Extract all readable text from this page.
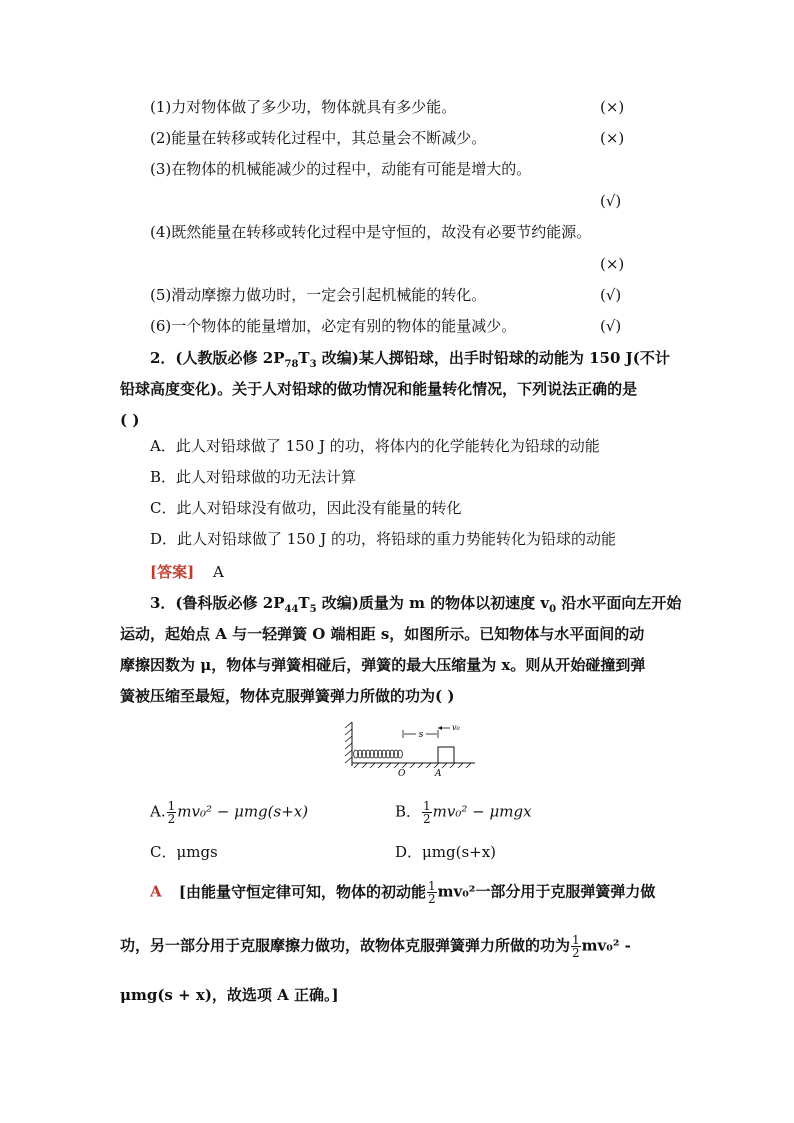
(1)力对物体做了多少功，物体就具有多少能。	(×)
(2)能量在转移或转化过程中，其总量会不断减少。	(×)
(3)在物体的机械能减少的过程中，动能有可能是增大的。
(√)
(4)既然能量在转移或转化过程中是守恒的，故没有必要节约能源。
(×)
(5)滑动摩擦力做功时，一定会引起机械能的转化。	(√)
(6)一个物体的能量增加，必定有别的物体的能量减少。	(√)
2．(人教版必修 $2P_{78}T_3$ 改编)某人掷铅球，出手时铅球的动能为 150 J(不计
铅球高度变化)。关于人对铅球的做功情况和能量转化情况，下列说法正确的是
( )
A．此人对铅球做了 150 J 的功，将体内的化学能转化为铅球的动能
B．此人对铅球做的功无法计算
C．此人对铅球没有做功，因此没有能量的转化
D．此人对铅球做了 150 J 的功，将铅球的重力势能转化为铅球的动能
[答案] A
3．(鲁科版必修 $2P_{44}T_5$ 改编)质量为 m 的物体以初速度 $v_0$ 沿水平面向左开始
运动，起始点 A 与一轻弹簧 O 端相距 s，如图所示。已知物体与水平面间的动
摩擦因数为 μ，物体与弹簧相碰后，弹簧的最大压缩量为 x。则从开始碰撞到弹
簧被压缩至最短，物体克服弹簧弹力所做的功为( )
s
v₀
O	A
A. $\frac{1}{2} mv_0^2 - \mu mg(s+x)$	B． $\frac{1}{2} mv_0^2 - \mu mgx$
C．μmgs	D．μmg(s+x)
A [由能量守恒定律可知，物体的初动能 $\frac{1}{2} mv_0^2$一部分用于克服弹簧弹力做
功，另一部分用于克服摩擦力做功，故物体克服弹簧弹力所做的功为 $\frac{1}{2} mv_0^2$ -
μmg(s + x)，故选项 A 正确。]
